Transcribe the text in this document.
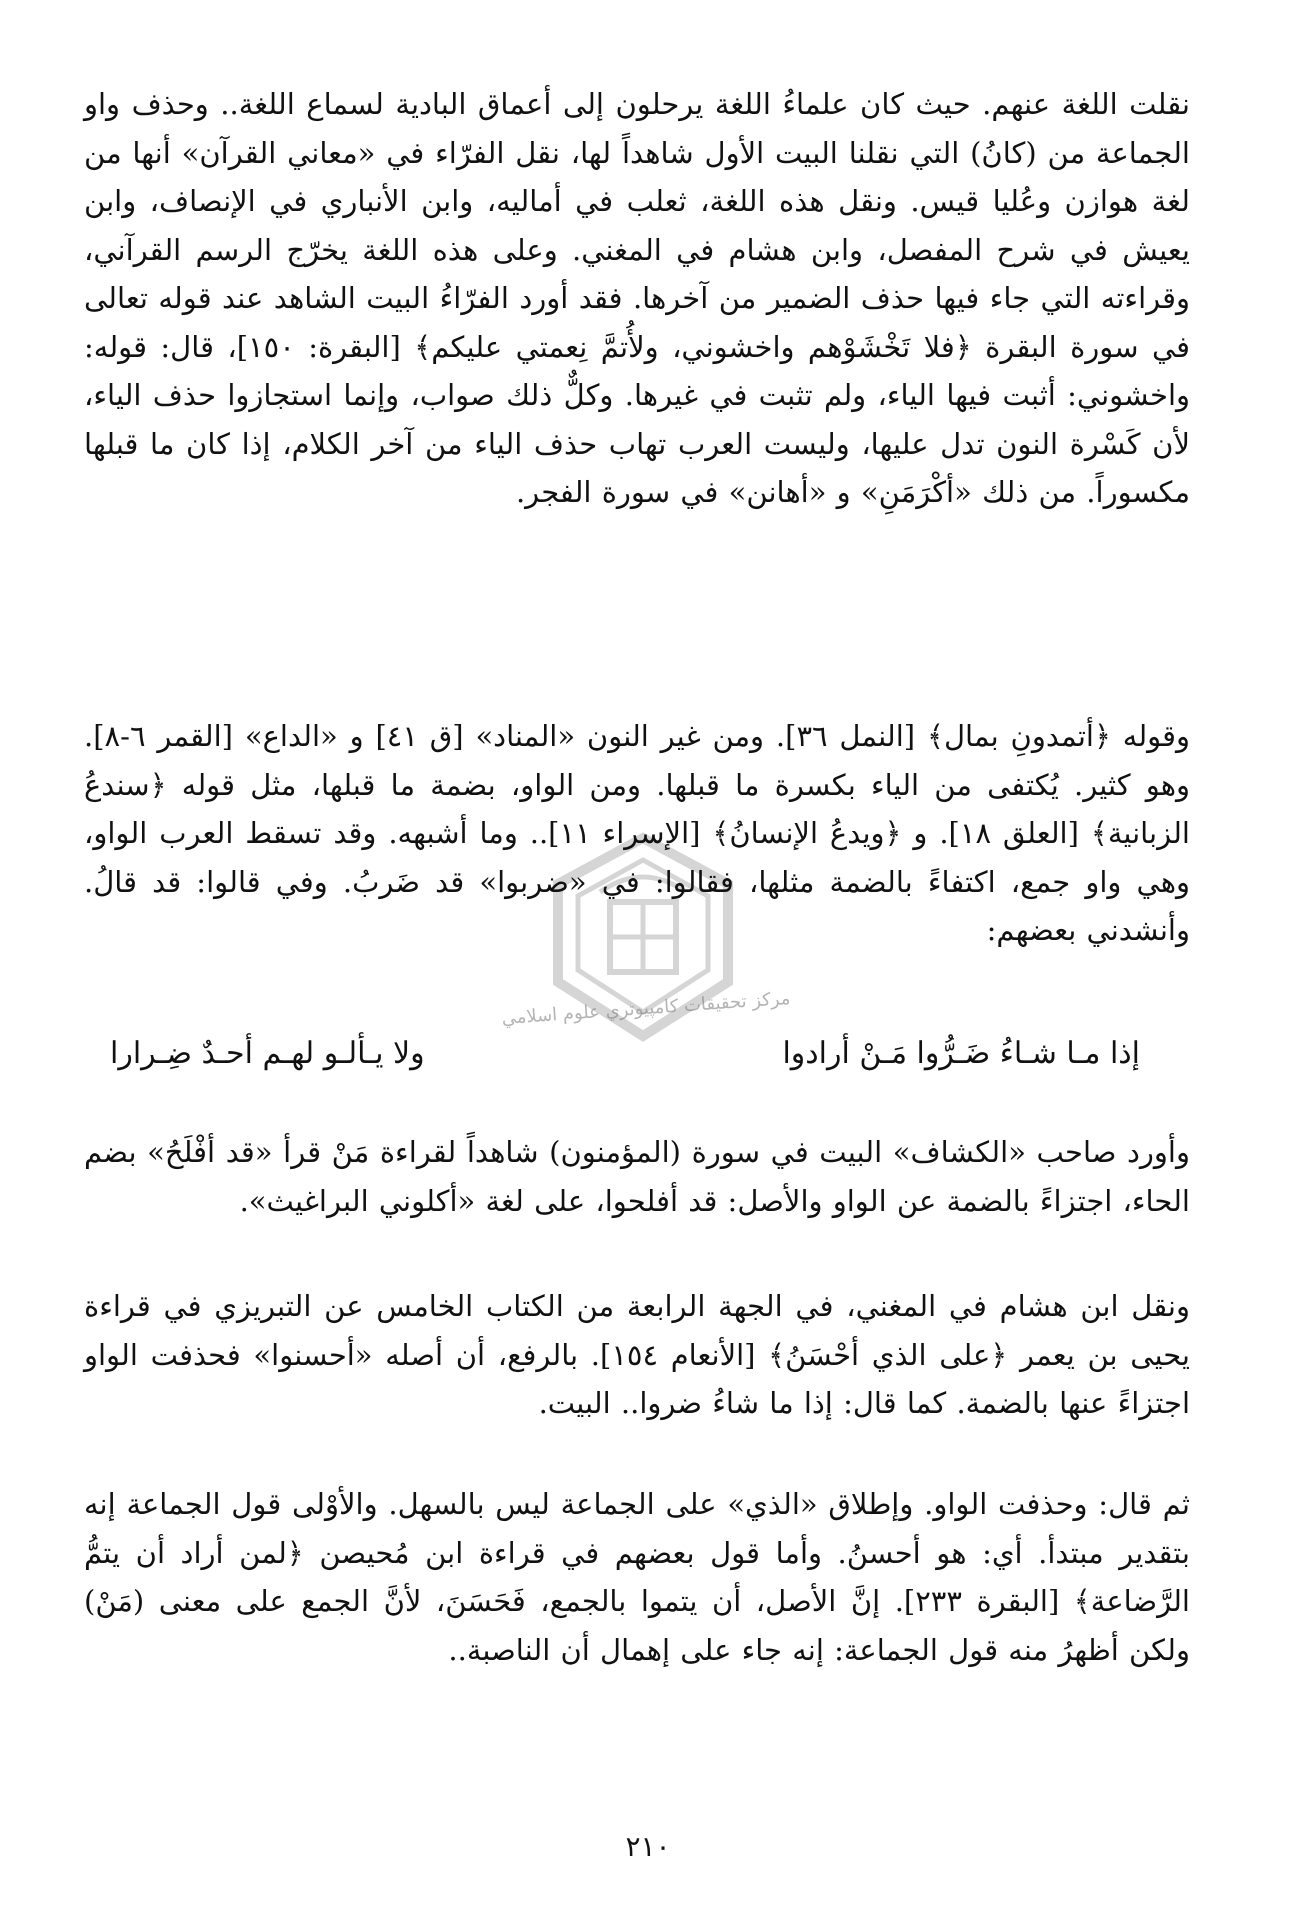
مركز تحقيقات كامپيوتري علوم اسلامي
نقلت اللغة عنهم. حيث كان علماءُ اللغة يرحلون إلى أعماق البادية لسماع اللغة.. وحذف واو الجماعة من (كانُ) التي نقلنا البيت الأول شاهداً لها، نقل الفرّاء في «معاني القرآن» أنها من لغة هوازن وعُليا قيس. ونقل هذه اللغة، ثعلب في أماليه، وابن الأنباري في الإنصاف، وابن يعيش في شرح المفصل، وابن هشام في المغني. وعلى هذه اللغة يخرّج الرسم القرآني، وقراءته التي جاء فيها حذف الضمير من آخرها. فقد أورد الفرّاءُ البيت الشاهد عند قوله تعالى في سورة البقرة ﴿فلا تَخْشَوْهم واخشوني، ولأُتمَّ نِعمتي عليكم﴾ [البقرة: ١٥٠]، قال: قوله: واخشوني: أثبت فيها الياء، ولم تثبت في غيرها. وكلٌّ ذلك صواب، وإنما استجازوا حذف الياء، لأن كَسْرة النون تدل عليها، وليست العرب تهاب حذف الياء من آخر الكلام، إذا كان ما قبلها مكسوراً. من ذلك «أكْرَمَنِ» و «أهانن» في سورة الفجر.
وقوله ﴿أتمدونِ بمال﴾ [النمل ٣٦]. ومن غير النون «المناد» [ق ٤١] و «الداع» [القمر ٦-٨]. وهو كثير. يُكتفى من الياء بكسرة ما قبلها. ومن الواو، بضمة ما قبلها، مثل قوله ﴿سندعُ الزبانية﴾ [العلق ١٨]. و ﴿ويدعُ الإنسانُ﴾ [الإسراء ١١].. وما أشبهه. وقد تسقط العرب الواو، وهي واو جمع، اكتفاءً بالضمة مثلها، فقالوا: في «ضربوا» قد ضَربُ. وفي قالوا: قد قالُ. وأنشدني بعضهم:
إذا مـا شـاءُ ضَـرُّوا مَـنْ أرادوا
ولا يـألـو لهـم أحـدٌ ضِـرارا
وأورد صاحب «الكشاف» البيت في سورة (المؤمنون) شاهداً لقراءة مَنْ قرأ «قد أفْلَحُ» بضم الحاء، اجتزاءً بالضمة عن الواو والأصل: قد أفلحوا، على لغة «أكلوني البراغيث».
ونقل ابن هشام في المغني، في الجهة الرابعة من الكتاب الخامس عن التبريزي في قراءة يحيى بن يعمر ﴿على الذي أحْسَنُ﴾ [الأنعام ١٥٤]. بالرفع، أن أصله «أحسنوا» فحذفت الواو اجتزاءً عنها بالضمة. كما قال: إذا ما شاءُ ضروا.. البيت.
ثم قال: وحذفت الواو. وإطلاق «الذي» على الجماعة ليس بالسهل. والأوْلى قول الجماعة إنه بتقدير مبتدأ. أي: هو أحسنُ. وأما قول بعضهم في قراءة ابن مُحيصن ﴿لمن أراد أن يتمُّ الرَّضاعة﴾ [البقرة ٢٣٣]. إنَّ الأصل، أن يتموا بالجمع، فَحَسَنَ، لأنَّ الجمع على معنى (مَنْ) ولكن أظهرُ منه قول الجماعة: إنه جاء على إهمال أن الناصبة..
٢١٠
